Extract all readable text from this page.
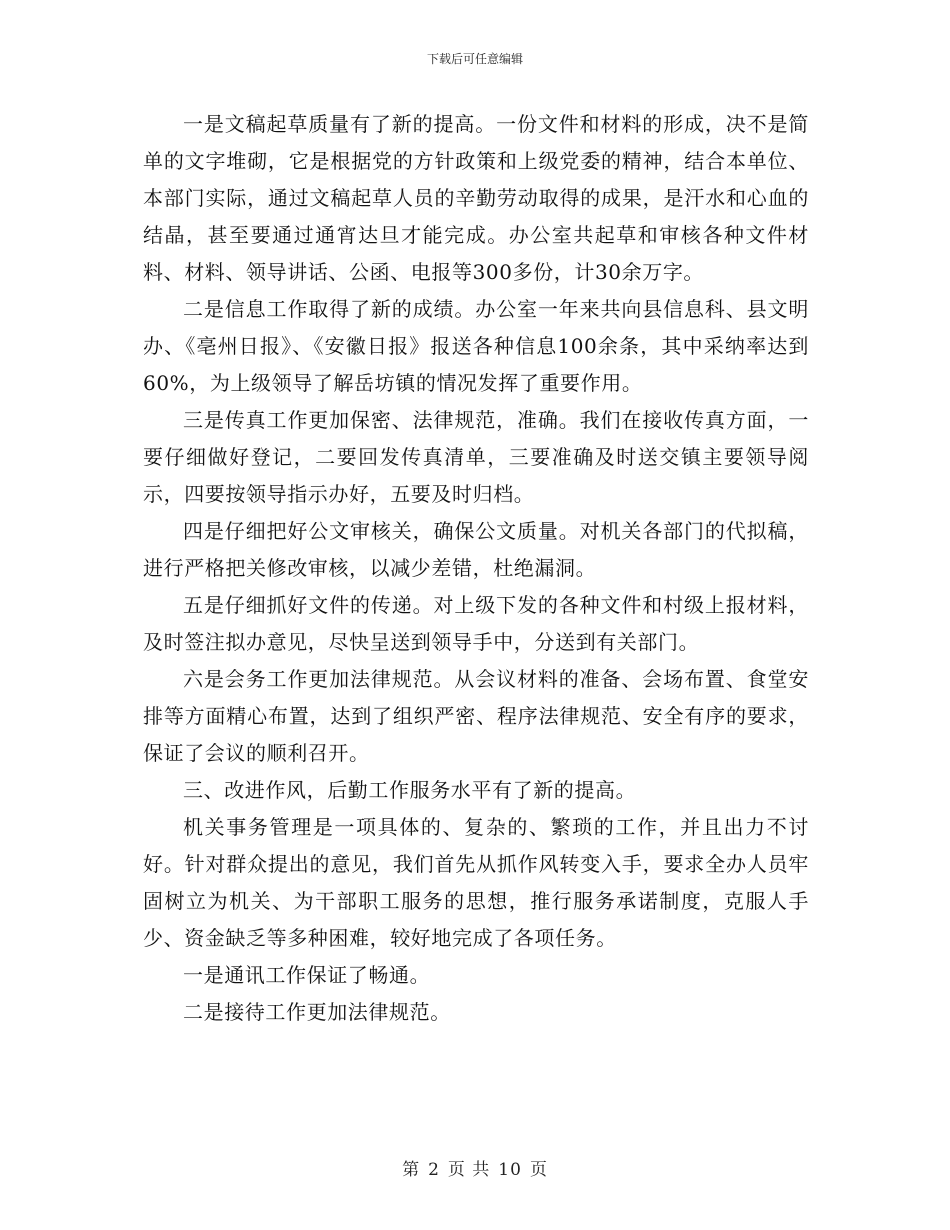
下载后可任意编辑

一是文稿起草质量有了新的提高。一份文件和材料的形成，决不是简单的文字堆砌，它是根据党的方针政策和上级党委的精神，结合本单位、本部门实际，通过文稿起草人员的辛勤劳动取得的成果，是汗水和心血的结晶，甚至要通过通宵达旦才能完成。办公室共起草和审核各种文件材料、材料、领导讲话、公函、电报等300多份，计30余万字。

二是信息工作取得了新的成绩。办公室一年来共向县信息科、县文明办、《亳州日报》、《安徽日报》报送各种信息100余条，其中采纳率达到60%，为上级领导了解岳坊镇的情况发挥了重要作用。

三是传真工作更加保密、法律规范，准确。我们在接收传真方面，一要仔细做好登记，二要回发传真清单，三要准确及时送交镇主要领导阅示，四要按领导指示办好，五要及时归档。

四是仔细把好公文审核关，确保公文质量。对机关各部门的代拟稿，进行严格把关修改审核，以减少差错，杜绝漏洞。

五是仔细抓好文件的传递。对上级下发的各种文件和村级上报材料，及时签注拟办意见，尽快呈送到领导手中，分送到有关部门。

六是会务工作更加法律规范。从会议材料的准备、会场布置、食堂安排等方面精心布置，达到了组织严密、程序法律规范、安全有序的要求，保证了会议的顺利召开。

三、改进作风，后勤工作服务水平有了新的提高。

机关事务管理是一项具体的、复杂的、繁琐的工作，并且出力不讨好。针对群众提出的意见，我们首先从抓作风转变入手，要求全办人员牢固树立为机关、为干部职工服务的思想，推行服务承诺制度，克服人手少、资金缺乏等多种困难，较好地完成了各项任务。

一是通讯工作保证了畅通。

二是接待工作更加法律规范。

第 2 页 共 10 页
